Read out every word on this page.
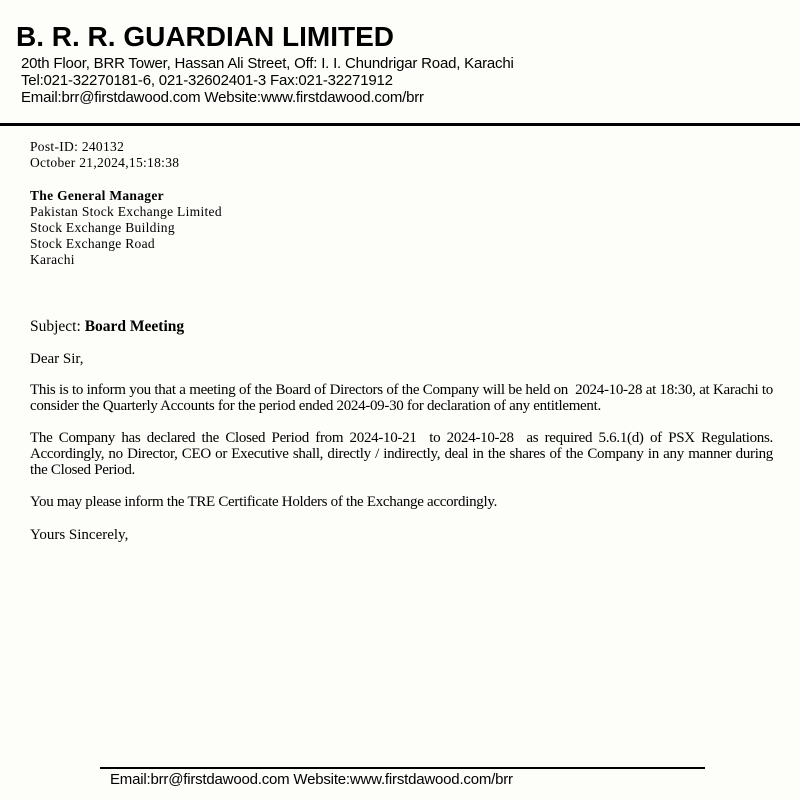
B. R. R. GUARDIAN LIMITED
20th Floor, BRR Tower, Hassan Ali Street, Off: I. I. Chundrigar Road, Karachi
Tel:021-32270181-6, 021-32602401-3 Fax:021-32271912
Email:brr@firstdawood.com Website:www.firstdawood.com/brr
Post-ID: 240132
October 21,2024,15:18:38
The General Manager
Pakistan Stock Exchange Limited
Stock Exchange Building
Stock Exchange Road
Karachi
Subject: Board Meeting
Dear Sir,
This is to inform you that a meeting of the Board of Directors of the Company will be held on  2024-10-28 at 18:30, at Karachi to consider the Quarterly Accounts for the period ended 2024-09-30 for declaration of any entitlement.
The Company has declared the Closed Period from 2024-10-21  to 2024-10-28  as required 5.6.1(d) of PSX Regulations. Accordingly, no Director, CEO or Executive shall, directly / indirectly, deal in the shares of the Company in any manner during the Closed Period.
You may please inform the TRE Certificate Holders of the Exchange accordingly.
Yours Sincerely,
Email:brr@firstdawood.com Website:www.firstdawood.com/brr
